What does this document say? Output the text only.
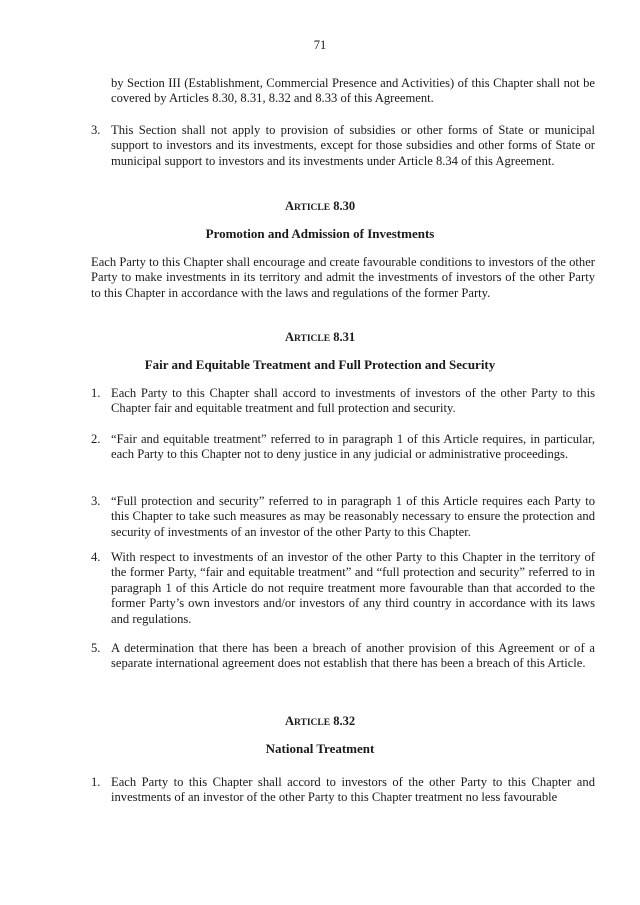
71

by Section III (Establishment, Commercial Presence and Activities) of this Chapter shall not be covered by Articles 8.30, 8.31, 8.32 and 8.33 of this Agreement.

3. This Section shall not apply to provision of subsidies or other forms of State or municipal support to investors and its investments, except for those subsidies and other forms of State or municipal support to investors and its investments under Article 8.34 of this Agreement.

ARTICLE 8.30
Promotion and Admission of Investments

Each Party to this Chapter shall encourage and create favourable conditions to investors of the other Party to make investments in its territory and admit the investments of investors of the other Party to this Chapter in accordance with the laws and regulations of the former Party.

ARTICLE 8.31
Fair and Equitable Treatment and Full Protection and Security
1. Each Party to this Chapter shall accord to investments of investors of the other Party to this Chapter fair and equitable treatment and full protection and security.

2. “Fair and equitable treatment” referred to in paragraph 1 of this Article requires, in particular, each Party to this Chapter not to deny justice in any judicial or administrative proceedings.

3. “Full protection and security” referred to in paragraph 1 of this Article requires each Party to this Chapter to take such measures as may be reasonably necessary to ensure the protection and security of investments of an investor of the other Party to this Chapter.

4. With respect to investments of an investor of the other Party to this Chapter in the territory of the former Party, “fair and equitable treatment” and “full protection and security” referred to in paragraph 1 of this Article do not require treatment more favourable than that accorded to the former Party’s own investors and/or investors of any third country in accordance with its laws and regulations.

5. A determination that there has been a breach of another provision of this Agreement or of a separate international agreement does not establish that there has been a breach of this Article.

ARTICLE 8.32
National Treatment
1. Each Party to this Chapter shall accord to investors of the other Party to this Chapter and investments of an investor of the other Party to this Chapter treatment no less favourable
